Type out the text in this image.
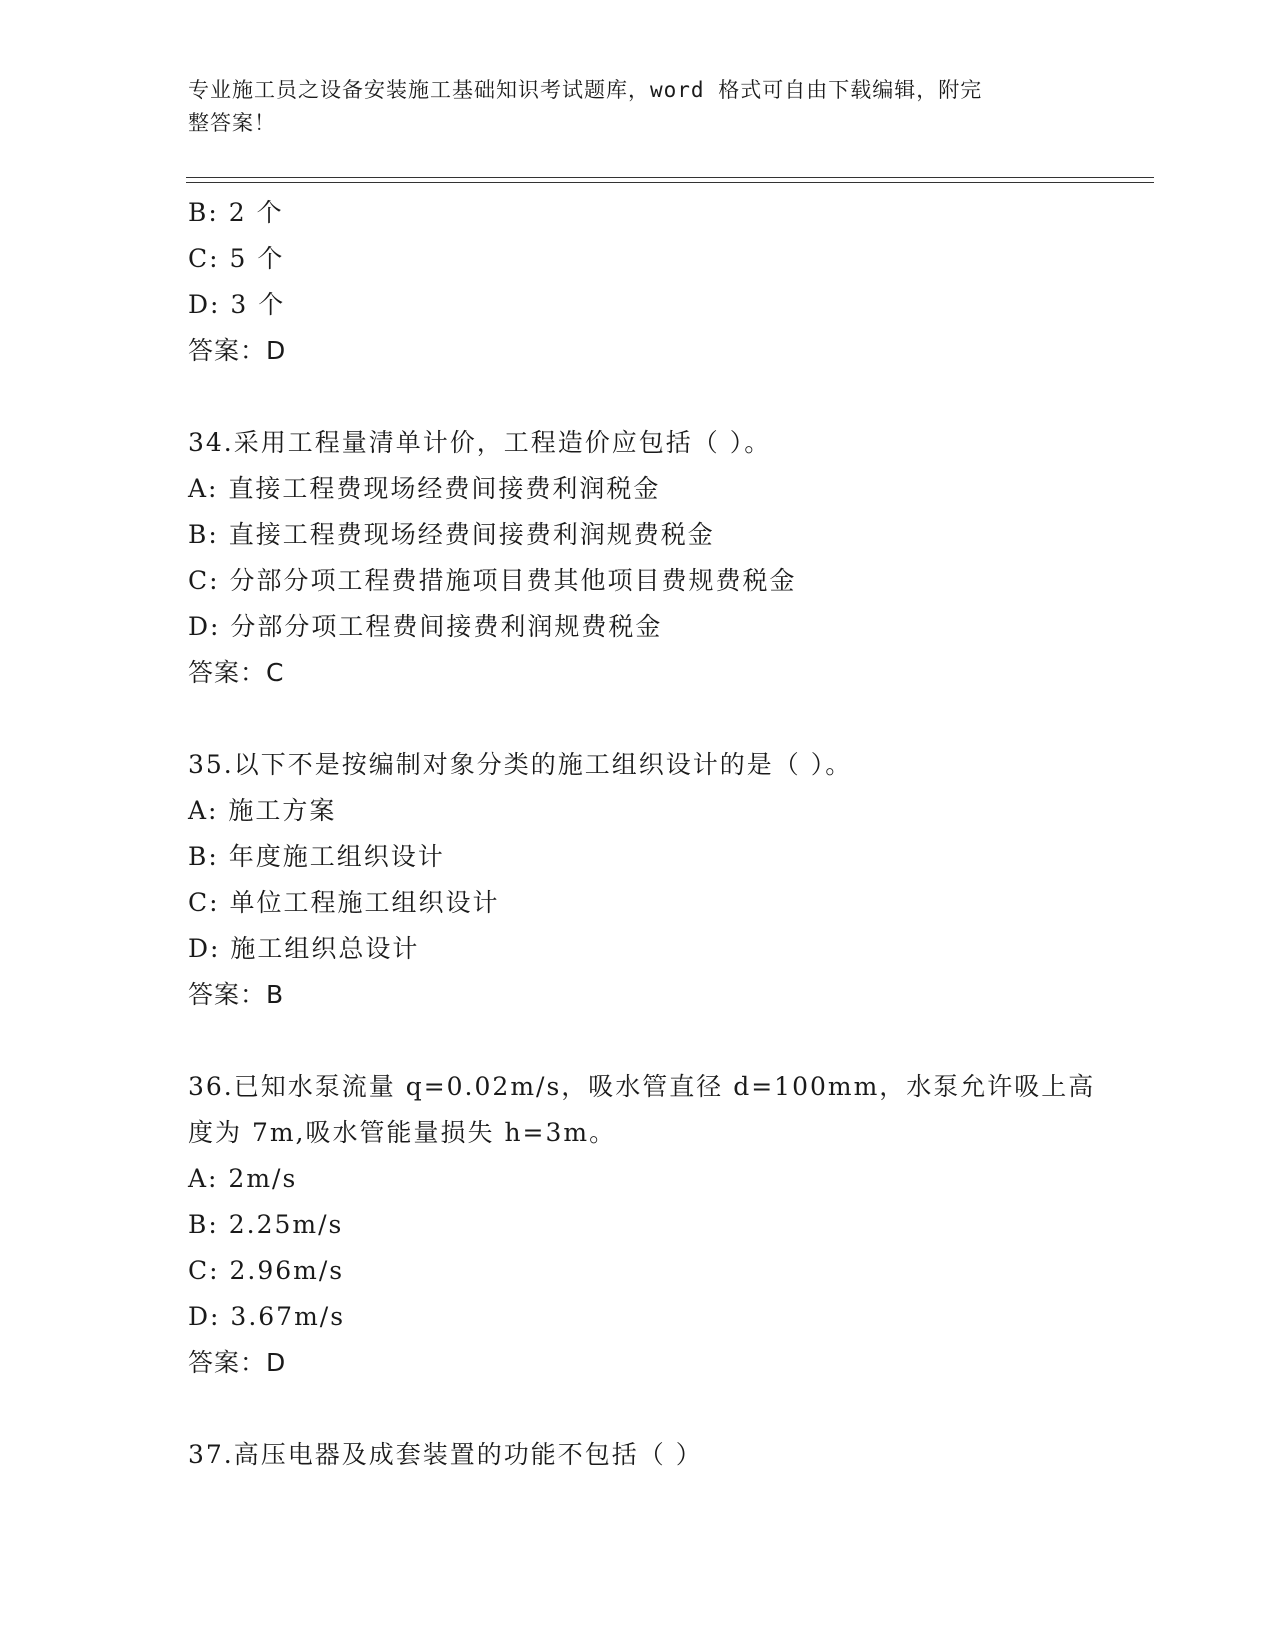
专业施工员之设备安装施工基础知识考试题库，word 格式可自由下载编辑，附完
整答案！
B: 2 个
C: 5 个
D: 3 个
答案：D
34.采用工程量清单计价，工程造价应包括（ ）。
A: 直接工程费现场经费间接费利润税金
B: 直接工程费现场经费间接费利润规费税金
C: 分部分项工程费措施项目费其他项目费规费税金
D: 分部分项工程费间接费利润规费税金
答案：C
35.以下不是按编制对象分类的施工组织设计的是（ ）。
A: 施工方案
B: 年度施工组织设计
C: 单位工程施工组织设计
D: 施工组织总设计
答案：B
36.已知水泵流量 q=0.02m/s，吸水管直径 d=100mm，水泵允许吸上高
度为 7m,吸水管能量损失 h=3m。
A: 2m/s
B: 2.25m/s
C: 2.96m/s
D: 3.67m/s
答案：D
37.高压电器及成套装置的功能不包括（ ）
